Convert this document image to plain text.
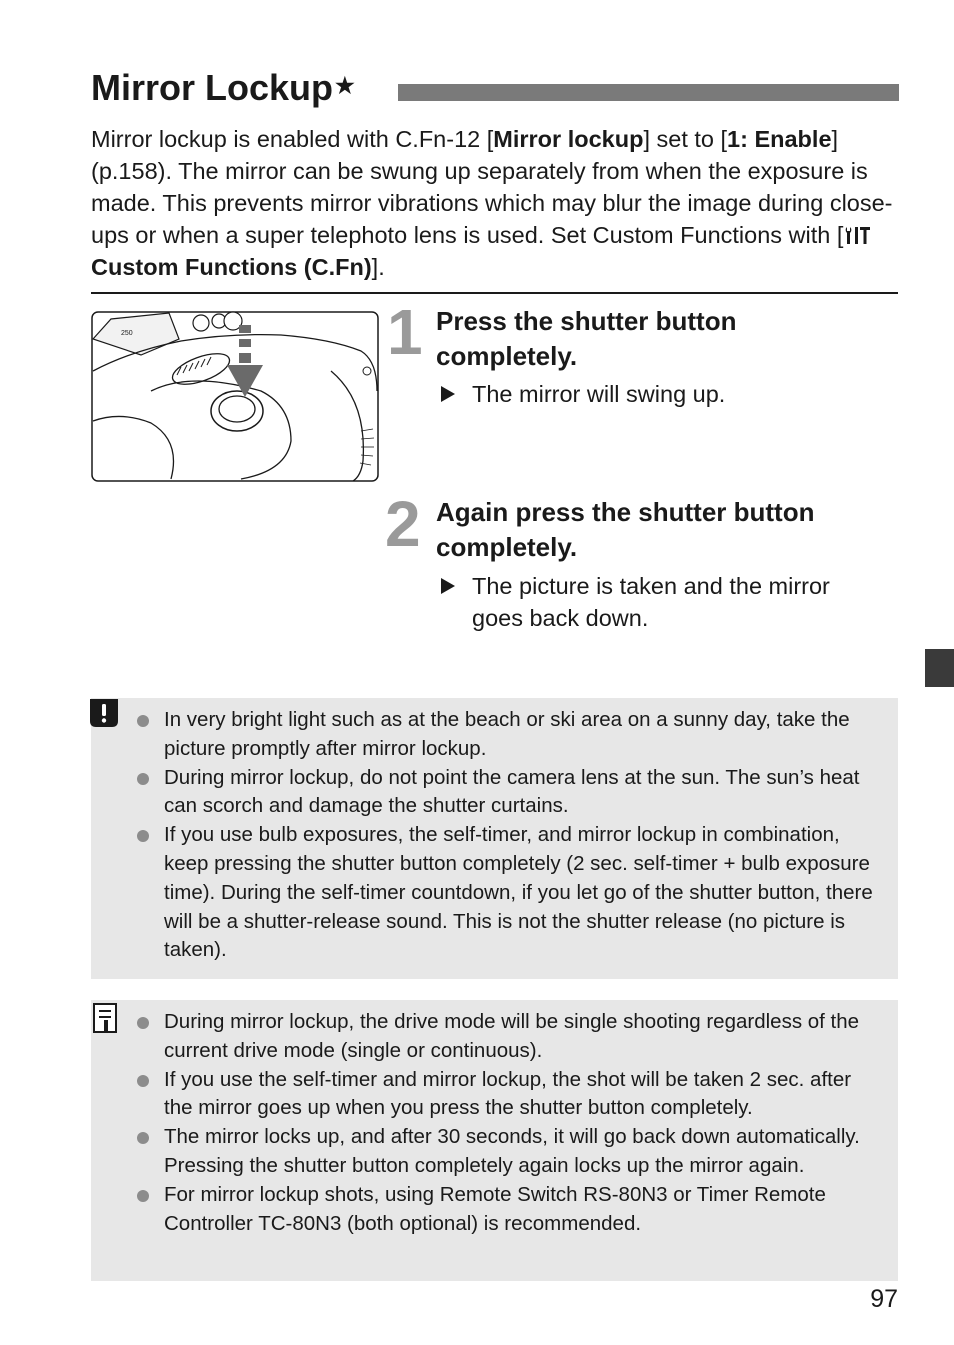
Mirror Lockup★
Mirror lockup is enabled with C.Fn-12 [Mirror lockup] set to [1: Enable] (p.158). The mirror can be swung up separately from when the exposure is made. This prevents mirror vibrations which may blur the image during close-ups or when a super telephoto lens is used. Set Custom Functions with [ Custom Functions (C.Fn)].
250	1 Press the shutter button completely.
The mirror will swing up.
2 Again press the shutter button completely.
The picture is taken and the mirror goes back down.
In very bright light such as at the beach or ski area on a sunny day, take the picture promptly after mirror lockup.
During mirror lockup, do not point the camera lens at the sun. The sun’s heat can scorch and damage the shutter curtains.
If you use bulb exposures, the self-timer, and mirror lockup in combination, keep pressing the shutter button completely (2 sec. self-timer + bulb exposure time). During the self-timer countdown, if you let go of the shutter button, there will be a shutter-release sound. This is not the shutter release (no picture is taken).
During mirror lockup, the drive mode will be single shooting regardless of the current drive mode (single or continuous).
If you use the self-timer and mirror lockup, the shot will be taken 2 sec. after the mirror goes up when you press the shutter button completely.
The mirror locks up, and after 30 seconds, it will go back down automatically. Pressing the shutter button completely again locks up the mirror again.
For mirror lockup shots, using Remote Switch RS-80N3 or Timer Remote Controller TC-80N3 (both optional) is recommended.
97
